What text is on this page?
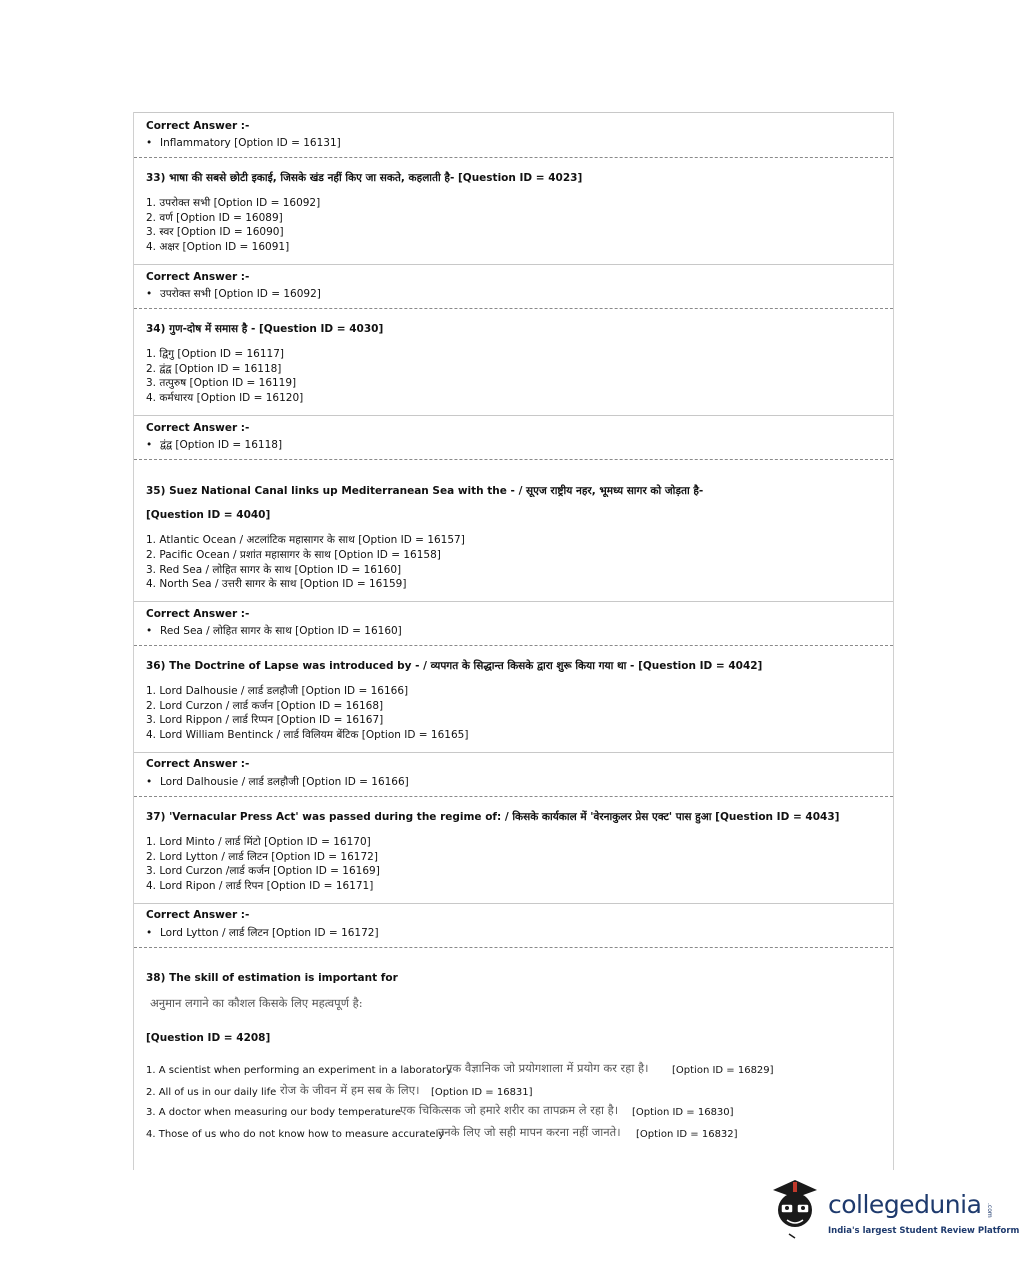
Correct Answer :-
• Inflammatory [Option ID = 16131]
33) भाषा की सबसे छोटी इकाई, जिसके खंड नहीं किए जा सकते, कहलाती है- [Question ID = 4023]
1. उपरोक्त सभी [Option ID = 16092]
2. वर्ण [Option ID = 16089]
3. स्वर [Option ID = 16090]
4. अक्षर [Option ID = 16091]
Correct Answer :-
• उपरोक्त सभी [Option ID = 16092]
34) गुण-दोष में समास है - [Question ID = 4030]
1. द्विगु [Option ID = 16117]
2. द्वंद्व [Option ID = 16118]
3. तत्पुरुष [Option ID = 16119]
4. कर्मधारय [Option ID = 16120]
Correct Answer :-
• द्वंद्व [Option ID = 16118]
35) Suez National Canal links up Mediterranean Sea with the - / सूएज राष्ट्रीय नहर, भूमध्य सागर को जोड़ता है-
[Question ID = 4040]
1. Atlantic Ocean / अटलांटिक महासागर के साथ [Option ID = 16157]
2. Pacific Ocean / प्रशांत महासागर के साथ [Option ID = 16158]
3. Red Sea / लोहित सागर के साथ [Option ID = 16160]
4. North Sea / उत्तरी सागर के साथ [Option ID = 16159]
Correct Answer :-
• Red Sea / लोहित सागर के साथ [Option ID = 16160]
36) The Doctrine of Lapse was introduced by - / व्यपगत के सिद्धान्त किसके द्वारा शुरू किया गया था - [Question ID = 4042]
1. Lord Dalhousie / लार्ड डलहौजी [Option ID = 16166]
2. Lord Curzon / लार्ड कर्जन [Option ID = 16168]
3. Lord Rippon / लार्ड रिप्पन [Option ID = 16167]
4. Lord William Bentinck / लार्ड विलियम बेंटिक [Option ID = 16165]
Correct Answer :-
• Lord Dalhousie / लार्ड डलहौजी [Option ID = 16166]
37) 'Vernacular Press Act' was passed during the regime of: / किसके कार्यकाल में 'वेरनाकुलर प्रेस एक्ट' पास हुआ [Question ID = 4043]
1. Lord Minto / लार्ड मिंटो [Option ID = 16170]
2. Lord Lytton / लार्ड लिटन [Option ID = 16172]
3. Lord Curzon /लार्ड कर्जन [Option ID = 16169]
4. Lord Ripon / लार्ड रिपन [Option ID = 16171]
Correct Answer :-
• Lord Lytton / लार्ड लिटन [Option ID = 16172]
38) The skill of estimation is important for
अनुमान लगाने का कौशल किसके लिए महत्वपूर्ण है:
[Question ID = 4208]
1. A scientist when performing an experiment in a laboratory
एक वैज्ञानिक जो प्रयोगशाला में प्रयोग कर रहा है। [Option ID = 16829]
2. All of us in our daily life रोज के जीवन में हम सब के लिए। [Option ID = 16831]
3. A doctor when measuring our body temperature
एक चिकित्सक जो हमारे शरीर का तापक्रम ले रहा है। [Option ID = 16830]
4. Those of us who do not know how to measure accurately
उनके लिए जो सही मापन करना नहीं जानते। [Option ID = 16832]
collegedunia .com
India's largest Student Review Platform
